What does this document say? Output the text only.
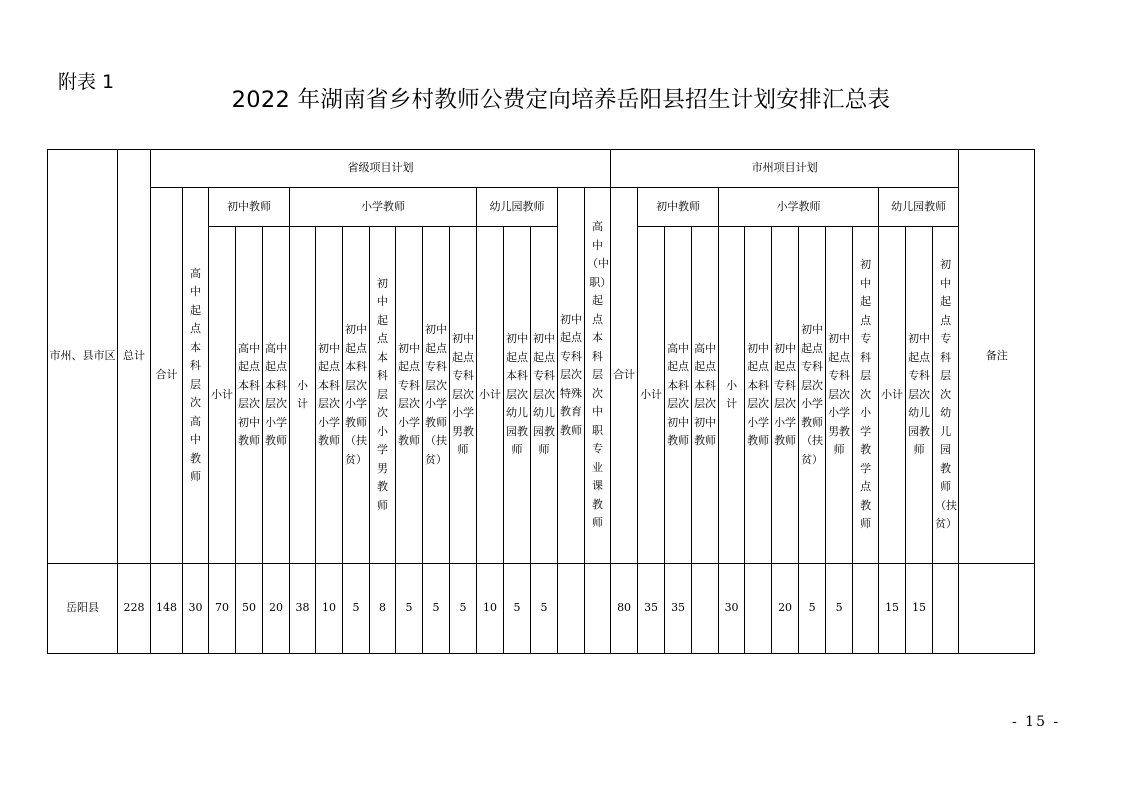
附表 1
2022 年湖南省乡村教师公费定向培养岳阳县招生计划安排汇总表
市州、县市区	总计	省级项目计划																	市州项目计划													备注
		合计	高中起点本科层次高中教师	初中教师			小学教师							幼儿园教师			初中起点专科层次特殊教育教师	高中（中职）起点本科层次中职专业课教师	合计	初中教师			小学教师						幼儿园教师			
				小计	高中起点本科层次初中教师	高中起点本科层次小学教师	小计	初中起点本科层次小学教师	初中起点本科层次小学教师（扶贫）	初中起点本科层次小学男教师	初中起点专科层次小学教师	初中起点专科层次小学教师（扶贫）	初中起点专科层次小学男教师	小计	初中起点本科层次幼儿园教师	初中起点专科层次幼儿园教师				小计	高中起点本科层次初中教师	高中起点本科层次初中教师	小计	初中起点本科层次小学教师	初中起点专科层次小学教师	初中起点专科层次小学教师（扶贫）	初中起点专科层次小学男教师	初中起点专科层次小学教学点教师	小计	初中起点专科层次幼儿园教师	初中起点专科层次幼儿园教师（扶贫）	
岳阳县	228	148	30	70	50	20	38	10	5	8	5	5	5	10	5	5			80	35	35		30		20	5	5		15	15		
- 15 -
